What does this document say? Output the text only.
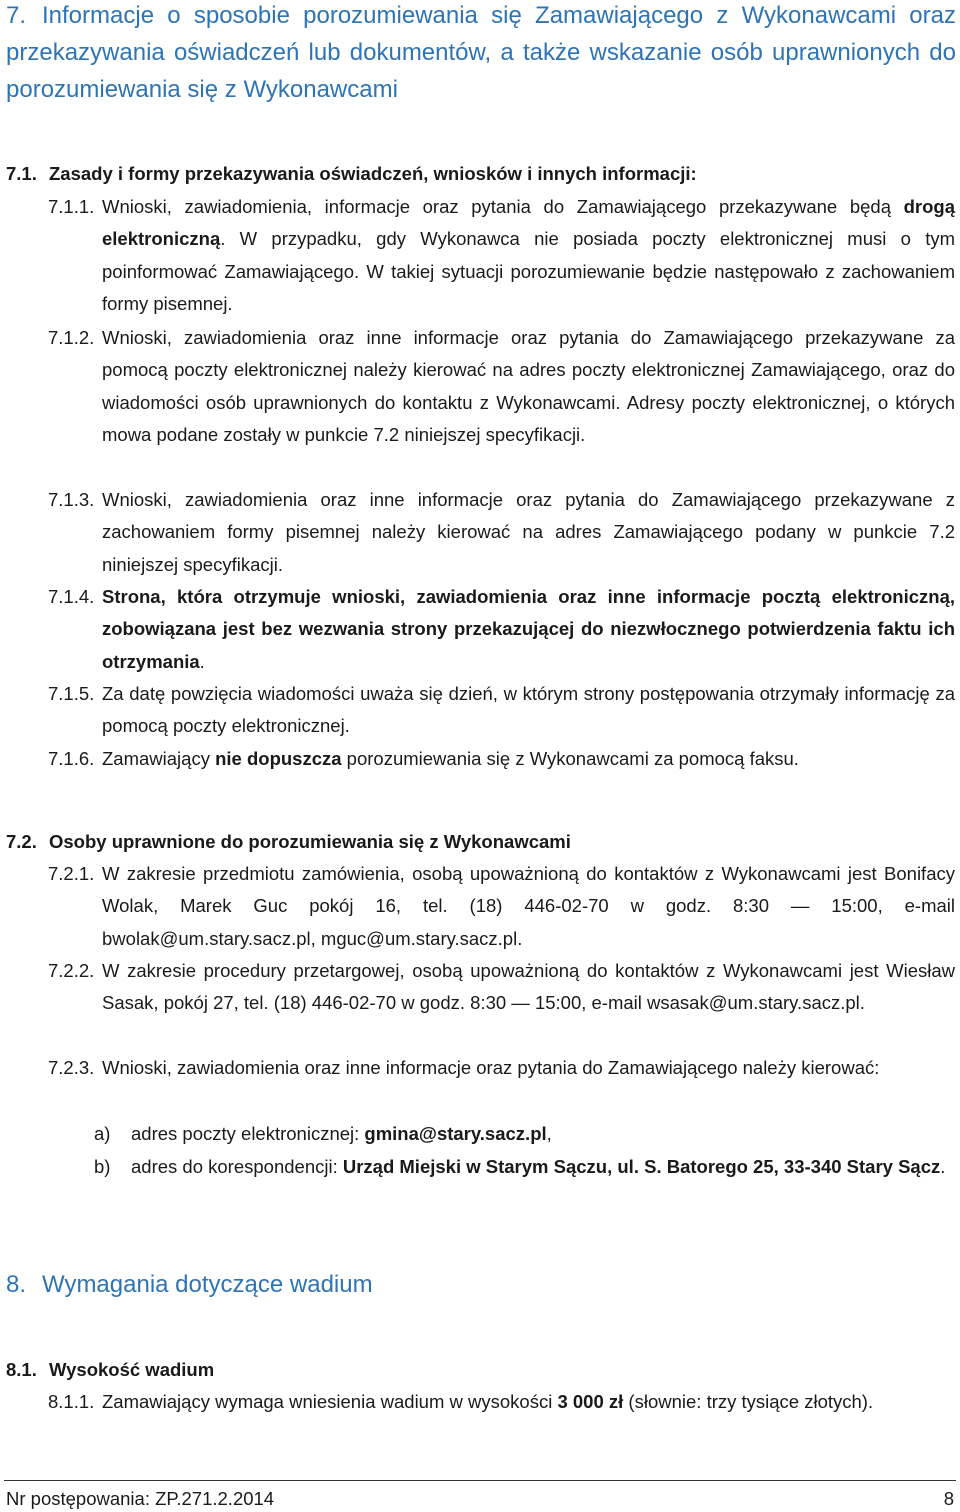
7. Informacje o sposobie porozumiewania się Zamawiającego z Wykonawcami oraz przekazywania oświadczeń lub dokumentów, a także wskazanie osób uprawnionych do porozumiewania się z Wykonawcami
7.1. Zasady i formy przekazywania oświadczeń, wniosków i innych informacji:
7.1.1. Wnioski, zawiadomienia, informacje oraz pytania do Zamawiającego przekazywane będą drogą elektroniczną. W przypadku, gdy Wykonawca nie posiada poczty elektronicznej musi o tym poinformować Zamawiającego. W takiej sytuacji porozumiewanie będzie następowało z zachowaniem formy pisemnej.
7.1.2. Wnioski, zawiadomienia oraz inne informacje oraz pytania do Zamawiającego przekazywane za pomocą poczty elektronicznej należy kierować na adres poczty elektronicznej Zamawiającego, oraz do wiadomości osób uprawnionych do kontaktu z Wykonawcami. Adresy poczty elektronicznej, o których mowa podane zostały w punkcie 7.2 niniejszej specyfikacji.
7.1.3. Wnioski, zawiadomienia oraz inne informacje oraz pytania do Zamawiającego przekazywane z zachowaniem formy pisemnej należy kierować na adres Zamawiającego podany w punkcie 7.2 niniejszej specyfikacji.
7.1.4. Strona, która otrzymuje wnioski, zawiadomienia oraz inne informacje pocztą elektroniczną, zobowiązana jest bez wezwania strony przekazującej do niezwłocznego potwierdzenia faktu ich otrzymania.
7.1.5. Za datę powzięcia wiadomości uważa się dzień, w którym strony postępowania otrzymały informację za pomocą poczty elektronicznej.
7.1.6. Zamawiający nie dopuszcza porozumiewania się z Wykonawcami za pomocą faksu.
7.2. Osoby uprawnione do porozumiewania się z Wykonawcami
7.2.1. W zakresie przedmiotu zamówienia, osobą upoważnioną do kontaktów z Wykonawcami jest Bonifacy Wolak, Marek Guc pokój 16, tel. (18) 446-02-70 w godz. 8:30 — 15:00, e-mail bwolak@um.stary.sacz.pl, mguc@um.stary.sacz.pl.
7.2.2. W zakresie procedury przetargowej, osobą upoważnioną do kontaktów z Wykonawcami jest Wiesław Sasak, pokój 27, tel. (18) 446-02-70 w godz. 8:30 — 15:00, e-mail wsasak@um.stary.sacz.pl.
7.2.3. Wnioski, zawiadomienia oraz inne informacje oraz pytania do Zamawiającego należy kierować:
a) adres poczty elektronicznej: gmina@stary.sacz.pl,
b) adres do korespondencji: Urząd Miejski w Starym Sączu, ul. S. Batorego 25, 33-340 Stary Sącz.
8. Wymagania dotyczące wadium
8.1. Wysokość wadium
8.1.1. Zamawiający wymaga wniesienia wadium w wysokości 3 000 zł (słownie: trzy tysiące złotych).
Nr postępowania: ZP.271.2.2014	8
